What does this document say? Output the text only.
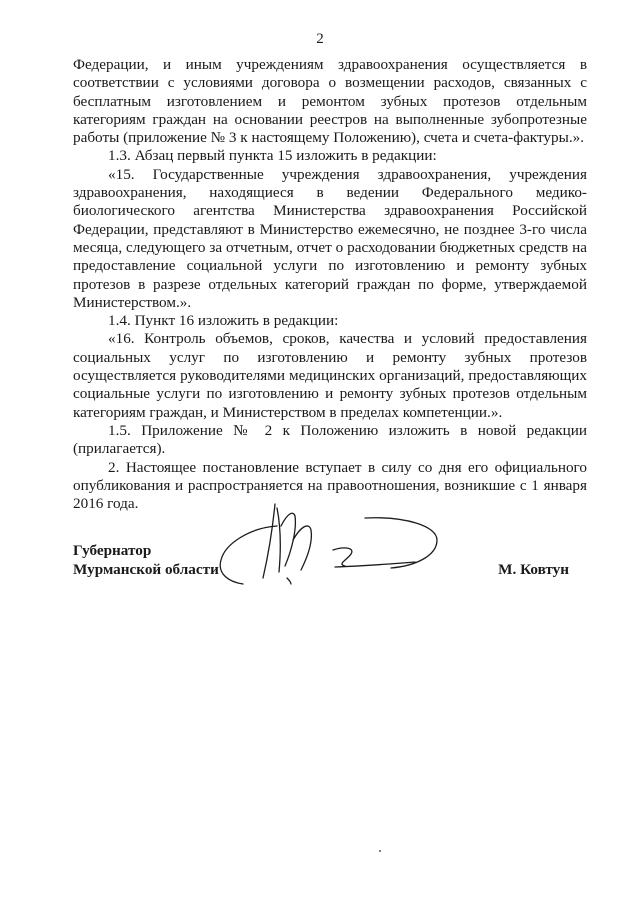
2

Федерации, и иным учреждениям здравоохранения осуществляется в соответствии с условиями договора о возмещении расходов, связанных с бесплатным изготовлением и ремонтом зубных протезов отдельным категориям граждан на основании реестров на выполненные зубопротезные работы (приложение № 3 к настоящему Положению), счета и счета-фактуры.».

1.3. Абзац первый пункта 15 изложить в редакции:

«15. Государственные учреждения здравоохранения, учреждения здравоохранения, находящиеся в ведении Федерального медико-биологического агентства Министерства здравоохранения Российской Федерации, представляют в Министерство ежемесячно, не позднее 3-го числа месяца, следующего за отчетным, отчет о расходовании бюджетных средств на предоставление социальной услуги по изготовлению и ремонту зубных протезов в разрезе отдельных категорий граждан по форме, утверждаемой Министерством.».

1.4. Пункт 16 изложить в редакции:

«16. Контроль объемов, сроков, качества и условий предоставления социальных услуг по изготовлению и ремонту зубных протезов осуществляется руководителями медицинских организаций, предоставляющих социальные услуги по изготовлению и ремонту зубных протезов отдельным категориям граждан, и Министерством в пределах компетенции.».

1.5. Приложение № 2 к Положению изложить в новой редакции (прилагается).

2. Настоящее постановление вступает в силу со дня его официального опубликования и распространяется на правоотношения, возникшие с 1 января 2016 года.

Губернатор
Мурманской области	М. Ковтун
